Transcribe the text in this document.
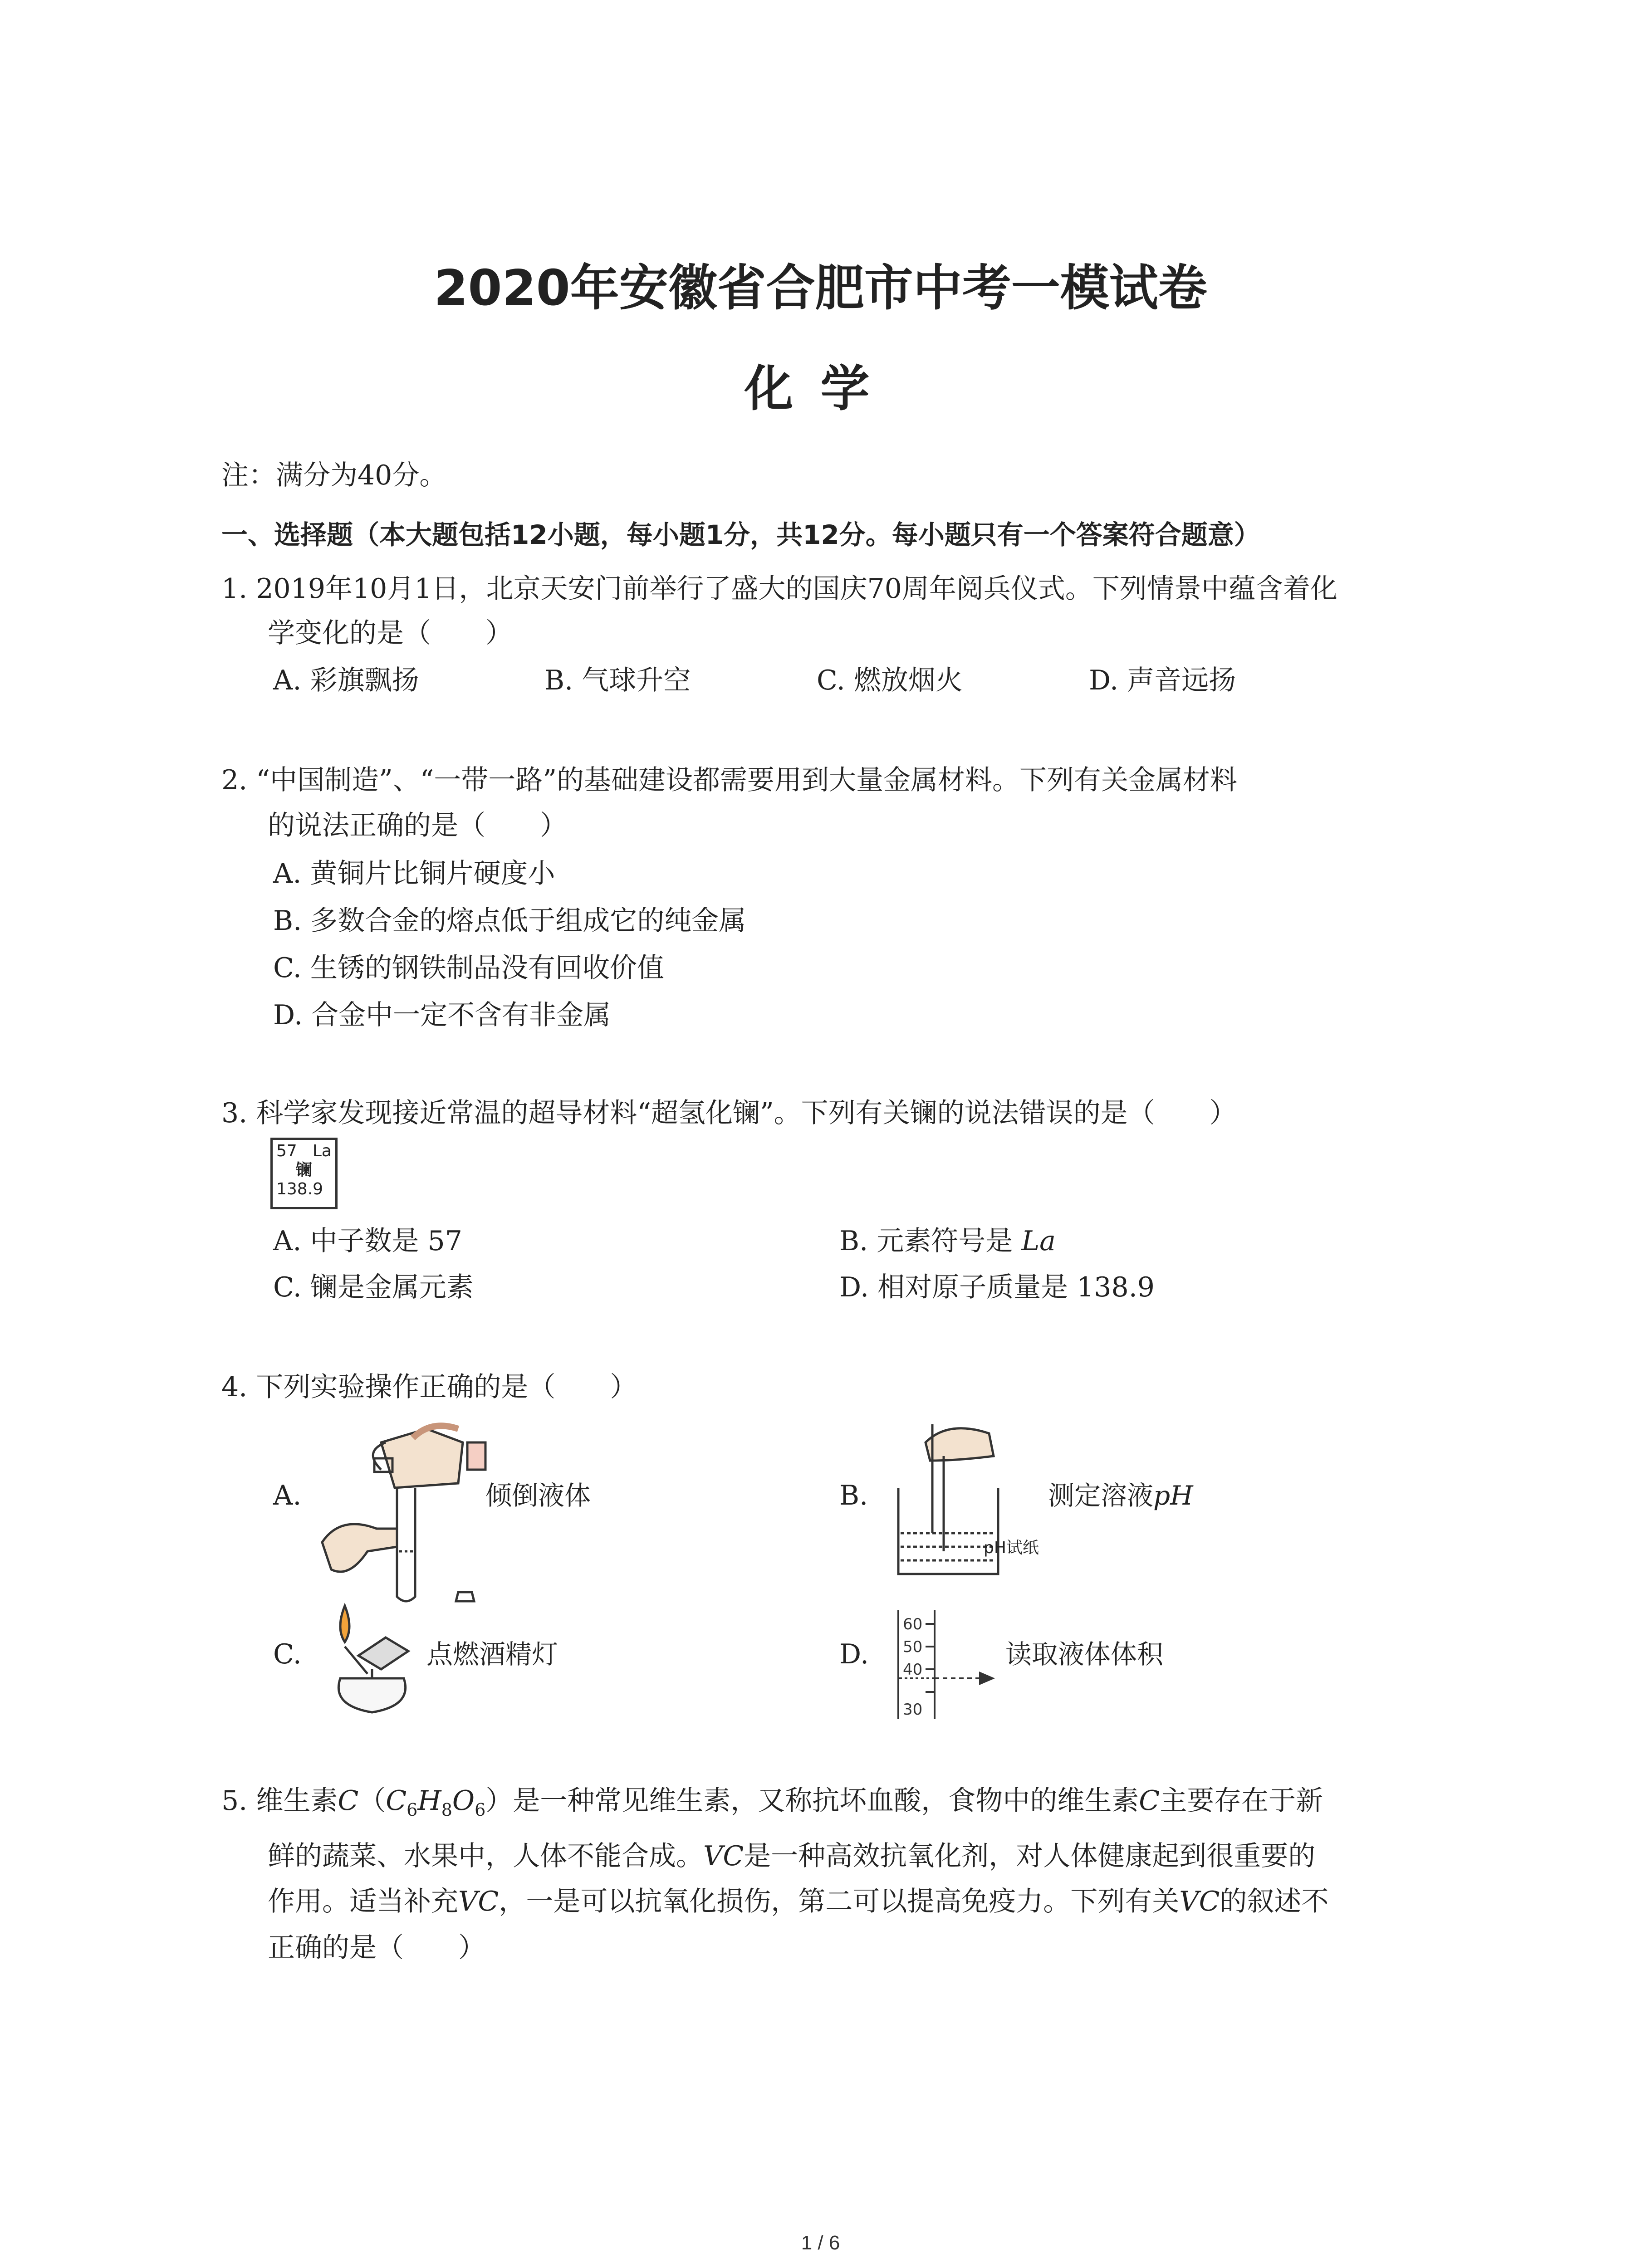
2020年安徽省合肥市中考一模试卷
化学
注：满分为40分。
一、选择题（本大题包括12小题，每小题1分，共12分。每小题只有一个答案符合题意）
1. 2019年10月1日，北京天安门前举行了盛大的国庆70周年阅兵仪式。下列情景中蕴含着化
学变化的是（　　）
A. 彩旗飘扬	B. 气球升空	C. 燃放烟火	D. 声音远扬
2. “中国制造”、“一带一路”的基础建设都需要用到大量金属材料。下列有关金属材料
的说法正确的是（　　）
A. 黄铜片比铜片硬度小
B. 多数合金的熔点低于组成它的纯金属
C. 生锈的钢铁制品没有回收价值
D. 合金中一定不含有非金属
3. 科学家发现接近常温的超导材料“超氢化镧”。下列有关镧的说法错误的是（　　）
57 La
镧
138.9
A. 中子数是 57	B. 元素符号是 La
C. 镧是金属元素	D. 相对原子质量是 138.9
4. 下列实验操作正确的是（　　）
A.	倾倒液体	B.
pH试纸
测定溶液pH
C.	点燃酒精灯	D.
60
50
40
30
读取液体体积
5. 维生素$C(C_6H_8O_6)$是一种常见维生素，又称抗坏血酸，食物中的维生素C主要存在于新
鲜的蔬菜、水果中，人体不能合成。VC是一种高效抗氧化剂，对人体健康起到很重要的
作用。适当补充VC，一是可以抗氧化损伤，第二可以提高免疫力。下列有关VC的叙述不
正确的是（　　）
1 / 6
